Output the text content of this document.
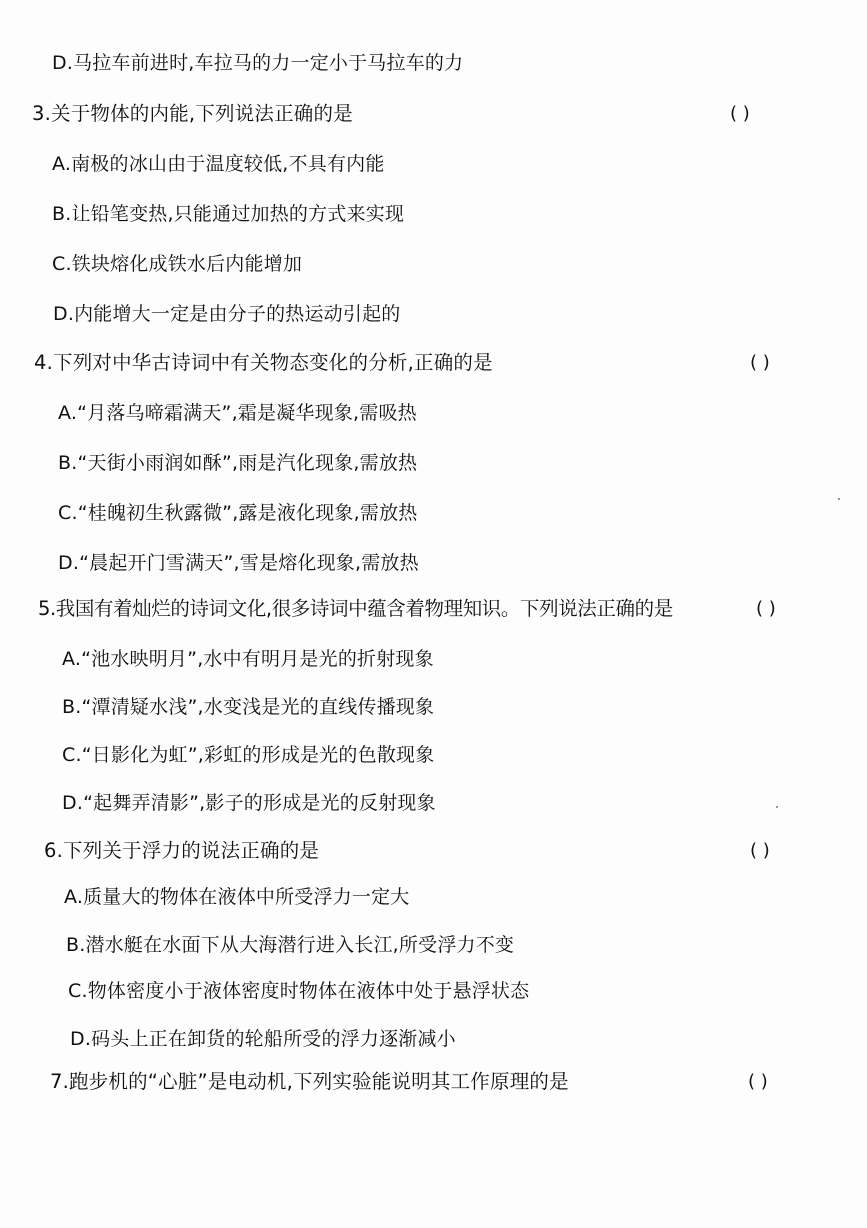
D.马拉车前进时,车拉马的力一定小于马拉车的力
3.关于物体的内能,下列说法正确的是	( )
A.南极的冰山由于温度较低,不具有内能
B.让铅笔变热,只能通过加热的方式来实现
C.铁块熔化成铁水后内能增加
D.内能增大一定是由分子的热运动引起的
4.下列对中华古诗词中有关物态变化的分析,正确的是	( )
A.“月落乌啼霜满天”,霜是凝华现象,需吸热
B.“天街小雨润如酥”,雨是汽化现象,需放热
C.“桂魄初生秋露微”,露是液化现象,需放热
D.“晨起开门雪满天”,雪是熔化现象,需放热
5.我国有着灿烂的诗词文化,很多诗词中蕴含着物理知识。下列说法正确的是	( )
A.“池水映明月”,水中有明月是光的折射现象
B.“潭清疑水浅”,水变浅是光的直线传播现象
C.“日影化为虹”,彩虹的形成是光的色散现象
D.“起舞弄清影”,影子的形成是光的反射现象
6.下列关于浮力的说法正确的是	( )
A.质量大的物体在液体中所受浮力一定大
B.潜水艇在水面下从大海潜行进入长江,所受浮力不变
C.物体密度小于液体密度时物体在液体中处于悬浮状态
D.码头上正在卸货的轮船所受的浮力逐渐减小
7.跑步机的“心脏”是电动机,下列实验能说明其工作原理的是	( )
